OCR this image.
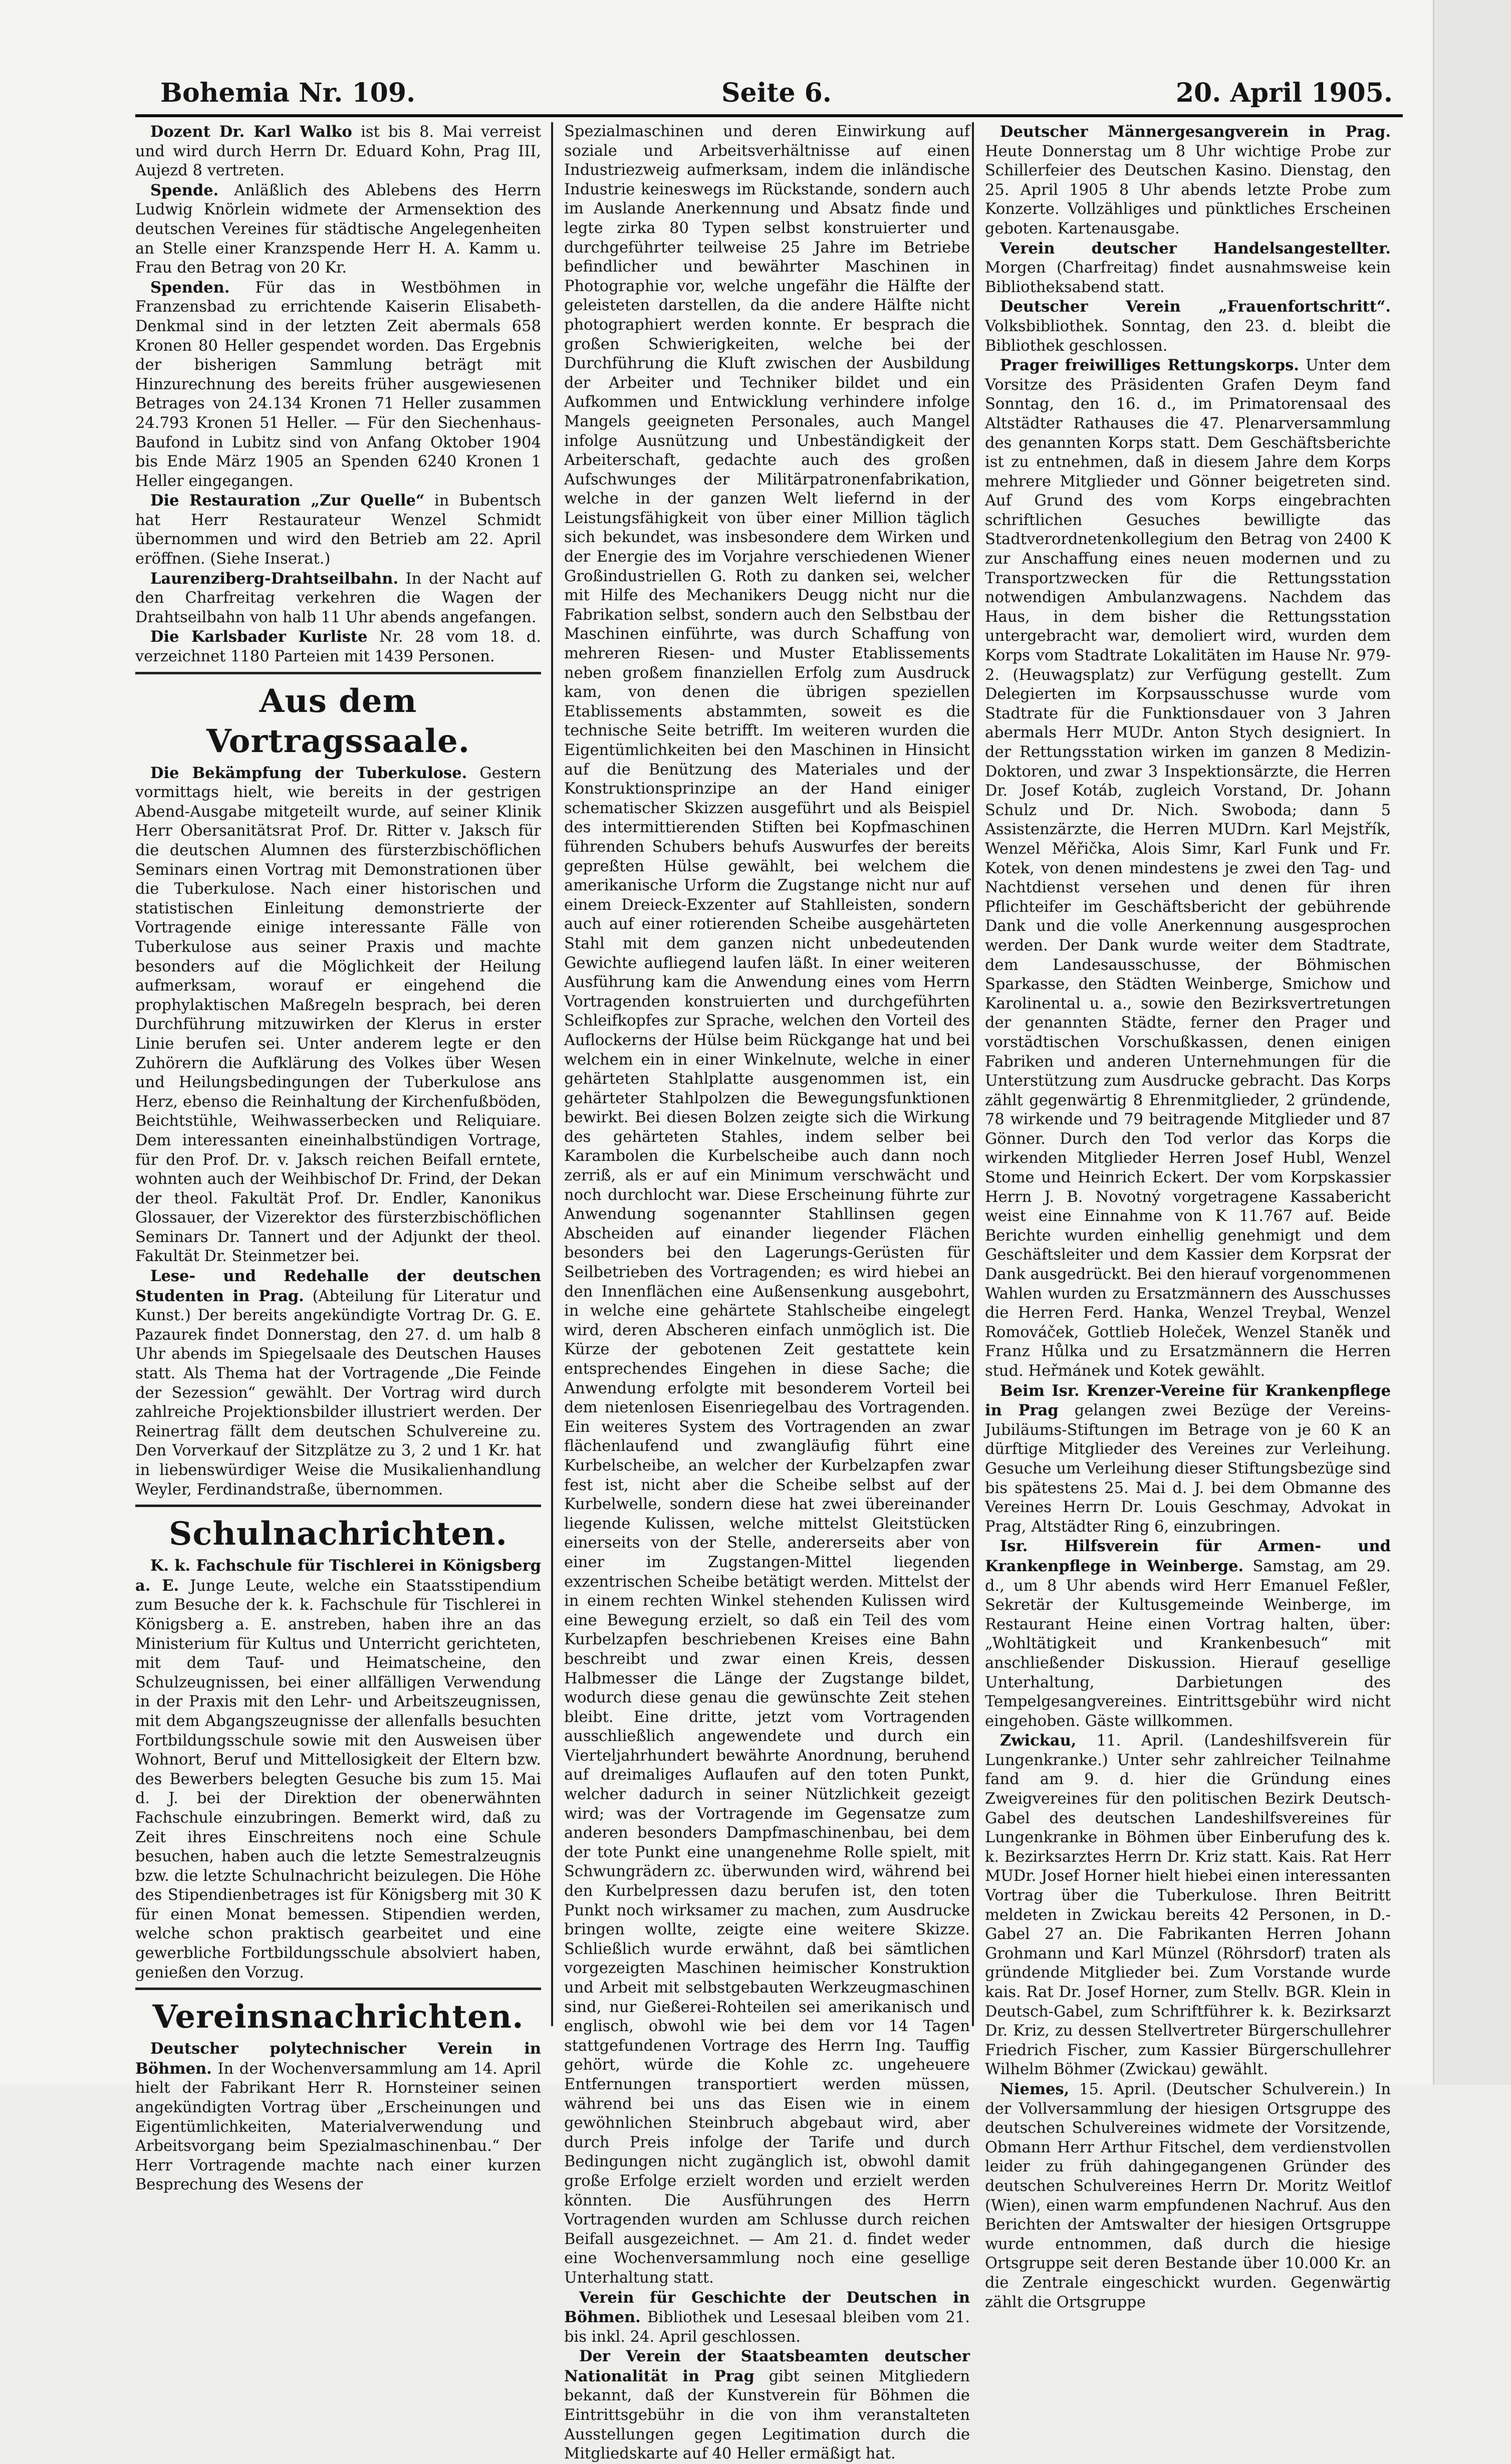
Bohemia Nr. 109.	Seite 6.	20. April 1905.

Dozent Dr. Karl Walko ist bis 8. Mai verreist und wird durch Herrn Dr. Eduard Kohn, Prag III, Aujezd 8 vertreten.

Spende. Anläßlich des Ablebens des Herrn Ludwig Knörlein widmete der Armensektion des deutschen Vereines für städtische Angelegenheiten an Stelle einer Kranzspende Herr H. A. Kamm u. Frau den Betrag von 20 Kr.

Spenden. Für das in Westböhmen in Franzensbad zu errichtende Kaiserin Elisabeth-Denkmal sind in der letzten Zeit abermals 658 Kronen 80 Heller gespendet worden. Das Ergebnis der bisherigen Sammlung beträgt mit Hinzurechnung des bereits früher ausgewiesenen Betrages von 24.134 Kronen 71 Heller zusammen 24.793 Kronen 51 Heller. — Für den Siechenhaus-Baufond in Lubitz sind von Anfang Oktober 1904 bis Ende März 1905 an Spenden 6240 Kronen 1 Heller eingegangen.

Die Restauration „Zur Quelle“ in Bubentsch hat Herr Restaurateur Wenzel Schmidt übernommen und wird den Betrieb am 22. April eröffnen. (Siehe Inserat.)

Laurenziberg-Drahtseilbahn. In der Nacht auf den Charfreitag verkehren die Wagen der Drahtseilbahn von halb 11 Uhr abends angefangen.

Die Karlsbader Kurliste Nr. 28 vom 18. d. verzeichnet 1180 Parteien mit 1439 Personen.

Aus dem Vortragssaale.

Die Bekämpfung der Tuberkulose. Gestern vormittags hielt, wie bereits in der gestrigen Abend-Ausgabe mitgeteilt wurde, auf seiner Klinik Herr Obersanitätsrat Prof. Dr. Ritter v. Jaksch für die deutschen Alumnen des fürsterzbischöflichen Seminars einen Vortrag mit Demonstrationen über die Tuberkulose. Nach einer historischen und statistischen Einleitung demonstrierte der Vortragende einige interessante Fälle von Tuberkulose aus seiner Praxis und machte besonders auf die Möglichkeit der Heilung aufmerksam, worauf er eingehend die prophylaktischen Maßregeln besprach, bei deren Durchführung mitzuwirken der Klerus in erster Linie berufen sei. Unter anderem legte er den Zuhörern die Aufklärung des Volkes über Wesen und Heilungsbedingungen der Tuberkulose ans Herz, ebenso die Reinhaltung der Kirchenfußböden, Beichtstühle, Weihwasserbecken und Reliquiare. Dem interessanten eineinhalbstündigen Vortrage, für den Prof. Dr. v. Jaksch reichen Beifall erntete, wohnten auch der Weihbischof Dr. Frind, der Dekan der theol. Fakultät Prof. Dr. Endler, Kanonikus Glossauer, der Vizerektor des fürsterzbischöflichen Seminars Dr. Tannert und der Adjunkt der theol. Fakultät Dr. Steinmetzer bei.

Lese- und Redehalle der deutschen Studenten in Prag. (Abteilung für Literatur und Kunst.) Der bereits angekündigte Vortrag Dr. G. E. Pazaurek findet Donnerstag, den 27. d. um halb 8 Uhr abends im Spiegelsaale des Deutschen Hauses statt. Als Thema hat der Vortragende „Die Feinde der Sezession“ gewählt. Der Vortrag wird durch zahlreiche Projektionsbilder illustriert werden. Der Reinertrag fällt dem deutschen Schulvereine zu. Den Vorverkauf der Sitzplätze zu 3, 2 und 1 Kr. hat in liebenswürdiger Weise die Musikalienhandlung Weyler, Ferdinandstraße, übernommen.

Schulnachrichten.

K. k. Fachschule für Tischlerei in Königsberg a. E. Junge Leute, welche ein Staatsstipendium zum Besuche der k. k. Fachschule für Tischlerei in Königsberg a. E. anstreben, haben ihre an das Ministerium für Kultus und Unterricht gerichteten, mit dem Tauf- und Heimatscheine, den Schulzeugnissen, bei einer allfälligen Verwendung in der Praxis mit den Lehr- und Arbeitszeugnissen, mit dem Abgangszeugnisse der allenfalls besuchten Fortbildungsschule sowie mit den Ausweisen über Wohnort, Beruf und Mittellosigkeit der Eltern bzw. des Bewerbers belegten Gesuche bis zum 15. Mai d. J. bei der Direktion der obenerwähnten Fachschule einzubringen. Bemerkt wird, daß zu Zeit ihres Einschreitens noch eine Schule besuchen, haben auch die letzte Semestralzeugnis bzw. die letzte Schulnachricht beizulegen. Die Höhe des Stipendienbetrages ist für Königsberg mit 30 K für einen Monat bemessen. Stipendien werden, welche schon praktisch gearbeitet und eine gewerbliche Fortbildungsschule absolviert haben, genießen den Vorzug.

Vereinsnachrichten.

Deutscher polytechnischer Verein in Böhmen. In der Wochenversammlung am 14. April hielt der Fabrikant Herr R. Hornsteiner seinen angekündigten Vortrag über „Erscheinungen und Eigentümlichkeiten, Materialverwendung und Arbeitsvorgang beim Spezialmaschinenbau.“ Der Herr Vortragende machte nach einer kurzen Besprechung des Wesens der

Spezialmaschinen und deren Einwirkung auf soziale und Arbeitsverhältnisse auf einen Industriezweig aufmerksam, indem die inländische Industrie keineswegs im Rückstande, sondern auch im Auslande Anerkennung und Absatz finde und legte zirka 80 Typen selbst konstruierter und durchgeführter teilweise 25 Jahre im Betriebe befindlicher und bewährter Maschinen in Photographie vor, welche ungefähr die Hälfte der geleisteten darstellen, da die andere Hälfte nicht photographiert werden konnte. Er besprach die großen Schwierigkeiten, welche bei der Durchführung die Kluft zwischen der Ausbildung der Arbeiter und Techniker bildet und ein Aufkommen und Entwicklung verhindere infolge Mangels geeigneten Personales, auch Mangel infolge Ausnützung und Unbeständigkeit der Arbeiterschaft, gedachte auch des großen Aufschwunges der Militärpatronenfabrikation, welche in der ganzen Welt liefernd in der Leistungsfähigkeit von über einer Million täglich sich bekundet, was insbesondere dem Wirken und der Energie des im Vorjahre verschiedenen Wiener Großindustriellen G. Roth zu danken sei, welcher mit Hilfe des Mechanikers Deugg nicht nur die Fabrikation selbst, sondern auch den Selbstbau der Maschinen einführte, was durch Schaffung von mehreren Riesen- und Muster Etablissements neben großem finanziellen Erfolg zum Ausdruck kam, von denen die übrigen speziellen Etablissements abstammten, soweit es die technische Seite betrifft. Im weiteren wurden die Eigentümlichkeiten bei den Maschinen in Hinsicht auf die Benützung des Materiales und der Konstruktionsprinzipe an der Hand einiger schematischer Skizzen ausgeführt und als Beispiel des intermittierenden Stiften bei Kopfmaschinen führenden Schubers behufs Auswurfes der bereits gepreßten Hülse gewählt, bei welchem die amerikanische Urform die Zugstange nicht nur auf einem Dreieck-Exzenter auf Stahlleisten, sondern auch auf einer rotierenden Scheibe ausgehärteten Stahl mit dem ganzen nicht unbedeutenden Gewichte aufliegend laufen läßt. In einer weiteren Ausführung kam die Anwendung eines vom Herrn Vortragenden konstruierten und durchgeführten Schleifkopfes zur Sprache, welchen den Vorteil des Auflockerns der Hülse beim Rückgange hat und bei welchem ein in einer Winkelnute, welche in einer gehärteten Stahlplatte ausgenommen ist, ein gehärteter Stahlpolzen die Bewegungsfunktionen bewirkt. Bei diesen Bolzen zeigte sich die Wirkung des gehärteten Stahles, indem selber bei Karambolen die Kurbelscheibe auch dann noch zerriß, als er auf ein Minimum verschwächt und noch durchlocht war. Diese Erscheinung führte zur Anwendung sogenannter Stahllinsen gegen Abscheiden auf einander liegender Flächen besonders bei den Lagerungs-Gerüsten für Seilbetrieben des Vortragenden; es wird hiebei an den Innenflächen eine Außensenkung ausgebohrt, in welche eine gehärtete Stahlscheibe eingelegt wird, deren Abscheren einfach unmöglich ist. Die Kürze der gebotenen Zeit gestattete kein entsprechendes Eingehen in diese Sache; die Anwendung erfolgte mit besonderem Vorteil bei dem nietenlosen Eisenriegelbau des Vortragenden. Ein weiteres System des Vortragenden an zwar flächenlaufend und zwangläufig führt eine Kurbelscheibe, an welcher der Kurbelzapfen zwar fest ist, nicht aber die Scheibe selbst auf der Kurbelwelle, sondern diese hat zwei übereinander liegende Kulissen, welche mittelst Gleitstücken einerseits von der Stelle, andererseits aber von einer im Zugstangen-Mittel liegenden exzentrischen Scheibe betätigt werden. Mittelst der in einem rechten Winkel stehenden Kulissen wird eine Bewegung erzielt, so daß ein Teil des vom Kurbelzapfen beschriebenen Kreises eine Bahn beschreibt und zwar einen Kreis, dessen Halbmesser die Länge der Zugstange bildet, wodurch diese genau die gewünschte Zeit stehen bleibt. Eine dritte, jetzt vom Vortragenden ausschließlich angewendete und durch ein Vierteljahrhundert bewährte Anordnung, beruhend auf dreimaliges Auflaufen auf den toten Punkt, welcher dadurch in seiner Nützlichkeit gezeigt wird; was der Vortragende im Gegensatze zum anderen besonders Dampfmaschinenbau, bei dem der tote Punkt eine unangenehme Rolle spielt, mit Schwungrädern zc. überwunden wird, während bei den Kurbelpressen dazu berufen ist, den toten Punkt noch wirksamer zu machen, zum Ausdrucke bringen wollte, zeigte eine weitere Skizze. Schließlich wurde erwähnt, daß bei sämtlichen vorgezeigten Maschinen heimischer Konstruktion und Arbeit mit selbstgebauten Werkzeugmaschinen sind, nur Gießerei-Rohteilen sei amerikanisch und englisch, obwohl wie bei dem vor 14 Tagen stattgefundenen Vortrage des Herrn Ing. Tauffig gehört, würde die Kohle zc. ungeheuere Entfernungen transportiert werden müssen, während bei uns das Eisen wie in einem gewöhnlichen Steinbruch abgebaut wird, aber durch Preis infolge der Tarife und durch Bedingungen nicht zugänglich ist, obwohl damit große Erfolge erzielt worden und erzielt werden könnten. Die Ausführungen des Herrn Vortragenden wurden am Schlusse durch reichen Beifall ausgezeichnet. — Am 21. d. findet weder eine Wochenversammlung noch eine gesellige Unterhaltung statt.

Verein für Geschichte der Deutschen in Böhmen. Bibliothek und Lesesaal bleiben vom 21. bis inkl. 24. April geschlossen.

Der Verein der Staatsbeamten deutscher Nationalität in Prag gibt seinen Mitgliedern bekannt, daß der Kunstverein für Böhmen die Eintrittsgebühr in die von ihm veranstalteten Ausstellungen gegen Legitimation durch die Mitgliedskarte auf 40 Heller ermäßigt hat.

Deutscher Männergesangverein in Prag. Heute Donnerstag um 8 Uhr wichtige Probe zur Schillerfeier des Deutschen Kasino. Dienstag, den 25. April 1905 8 Uhr abends letzte Probe zum Konzerte. Vollzähliges und pünktliches Erscheinen geboten. Kartenausgabe.

Verein deutscher Handelsangestellter. Morgen (Charfreitag) findet ausnahmsweise kein Bibliotheksabend statt.

Deutscher Verein „Frauenfortschritt“. Volksbibliothek. Sonntag, den 23. d. bleibt die Bibliothek geschlossen.

Prager freiwilliges Rettungskorps. Unter dem Vorsitze des Präsidenten Grafen Deym fand Sonntag, den 16. d., im Primatorensaal des Altstädter Rathauses die 47. Plenarversammlung des genannten Korps statt. Dem Geschäftsberichte ist zu entnehmen, daß in diesem Jahre dem Korps mehrere Mitglieder und Gönner beigetreten sind. Auf Grund des vom Korps eingebrachten schriftlichen Gesuches bewilligte das Stadtverordnetenkollegium den Betrag von 2400 K zur Anschaffung eines neuen modernen und zu Transportzwecken für die Rettungsstation notwendigen Ambulanzwagens. Nachdem das Haus, in dem bisher die Rettungsstation untergebracht war, demoliert wird, wurden dem Korps vom Stadtrate Lokalitäten im Hause Nr. 979-2. (Heuwagsplatz) zur Verfügung gestellt. Zum Delegierten im Korpsausschusse wurde vom Stadtrate für die Funktionsdauer von 3 Jahren abermals Herr MUDr. Anton Stych designiert. In der Rettungsstation wirken im ganzen 8 Medizin-Doktoren, und zwar 3 Inspektionsärzte, die Herren Dr. Josef Kotáb, zugleich Vorstand, Dr. Johann Schulz und Dr. Nich. Swoboda; dann 5 Assistenzärzte, die Herren MUDrn. Karl Mejstřík, Wenzel Měřička, Alois Simr, Karl Funk und Fr. Kotek, von denen mindestens je zwei den Tag- und Nachtdienst versehen und denen für ihren Pflichteifer im Geschäftsbericht der gebührende Dank und die volle Anerkennung ausgesprochen werden. Der Dank wurde weiter dem Stadtrate, dem Landesausschusse, der Böhmischen Sparkasse, den Städten Weinberge, Smichow und Karolinental u. a., sowie den Bezirksvertretungen der genannten Städte, ferner den Prager und vorstädtischen Vorschußkassen, denen einigen Fabriken und anderen Unternehmungen für die Unterstützung zum Ausdrucke gebracht. Das Korps zählt gegenwärtig 8 Ehrenmitglieder, 2 gründende, 78 wirkende und 79 beitragende Mitglieder und 87 Gönner. Durch den Tod verlor das Korps die wirkenden Mitglieder Herren Josef Hubl, Wenzel Stome und Heinrich Eckert. Der vom Korpskassier Herrn J. B. Novotný vorgetragene Kassabericht weist eine Einnahme von K 11.767 auf. Beide Berichte wurden einhellig genehmigt und dem Geschäftsleiter und dem Kassier dem Korpsrat der Dank ausgedrückt. Bei den hierauf vorgenommenen Wahlen wurden zu Ersatzmännern des Ausschusses die Herren Ferd. Hanka, Wenzel Treybal, Wenzel Romováček, Gottlieb Holeček, Wenzel Staněk und Franz Hůlka und zu Ersatzmännern die Herren stud. Heřmánek und Kotek gewählt.

Beim Isr. Krenzer-Vereine für Krankenpflege in Prag gelangen zwei Bezüge der Vereins-Jubiläums-Stiftungen im Betrage von je 60 K an dürftige Mitglieder des Vereines zur Verleihung. Gesuche um Verleihung dieser Stiftungsbezüge sind bis spätestens 25. Mai d. J. bei dem Obmanne des Vereines Herrn Dr. Louis Geschmay, Advokat in Prag, Altstädter Ring 6, einzubringen.

Isr. Hilfsverein für Armen- und Krankenpflege in Weinberge. Samstag, am 29. d., um 8 Uhr abends wird Herr Emanuel Feßler, Sekretär der Kultusgemeinde Weinberge, im Restaurant Heine einen Vortrag halten, über: „Wohltätigkeit und Krankenbesuch“ mit anschließender Diskussion. Hierauf gesellige Unterhaltung, Darbietungen des Tempelgesangvereines. Eintrittsgebühr wird nicht eingehoben. Gäste willkommen.

Zwickau, 11. April. (Landeshilfsverein für Lungenkranke.) Unter sehr zahlreicher Teilnahme fand am 9. d. hier die Gründung eines Zweigvereines für den politischen Bezirk Deutsch-Gabel des deutschen Landeshilfsvereines für Lungenkranke in Böhmen über Einberufung des k. k. Bezirksarztes Herrn Dr. Kriz statt. Kais. Rat Herr MUDr. Josef Horner hielt hiebei einen interessanten Vortrag über die Tuberkulose. Ihren Beitritt meldeten in Zwickau bereits 42 Personen, in D.-Gabel 27 an. Die Fabrikanten Herren Johann Grohmann und Karl Münzel (Röhrsdorf) traten als gründende Mitglieder bei. Zum Vorstande wurde kais. Rat Dr. Josef Horner, zum Stellv. BGR. Klein in Deutsch-Gabel, zum Schriftführer k. k. Bezirksarzt Dr. Kriz, zu dessen Stellvertreter Bürgerschullehrer Friedrich Fischer, zum Kassier Bürgerschullehrer Wilhelm Böhmer (Zwickau) gewählt.

Niemes, 15. April. (Deutscher Schulverein.) In der Vollversammlung der hiesigen Ortsgruppe des deutschen Schulvereines widmete der Vorsitzende, Obmann Herr Arthur Fitschel, dem verdienstvollen leider zu früh dahingegangenen Gründer des deutschen Schulvereines Herrn Dr. Moritz Weitlof (Wien), einen warm empfundenen Nachruf. Aus den Berichten der Amtswalter der hiesigen Ortsgruppe wurde entnommen, daß durch die hiesige Ortsgruppe seit deren Bestande über 10.000 Kr. an die Zentrale eingeschickt wurden. Gegenwärtig zählt die Ortsgruppe
